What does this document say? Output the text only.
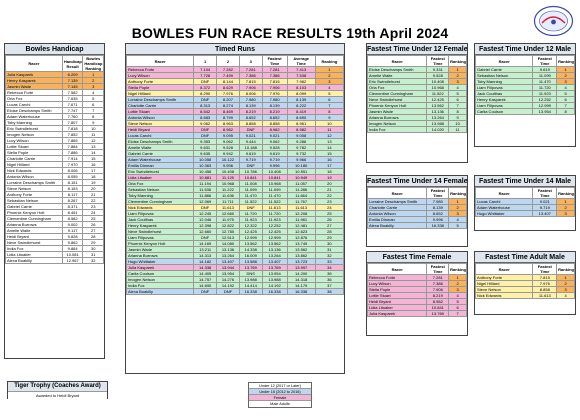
BOWLES FUN RACE RESULTS 19th April 2024
Bowles Handicap
Racer	Handicap Result	Bowles Handicap Ranking
Julia Kasparek	6.209	1
Henry Kasparek	7.139	2
Jasmin Wade	7.145	3
Rebecca Forte	7.582	4
Orla Fox	7.635	5
Lucas Carchi	7.671	6
Eloise Deschamps Smith	7.747	7
Adam Waterhouse	7.760	8
Toby Manning	7.807	9
Eric Swindlehurst	7.818	10
Imogen Nelson	7.852	11
Lucy Wilson	7.865	12
Lottie Stuart	7.884	13
Stella Pople	7.886	14
Charlotte Carrie	7.914	15
Nigel Hilliard	7.970	16
Nick Edwards	8.006	17
Antonia Wilson	8.055	18
Lorraine Deschamps Smith	8.151	19
Steve Nelson	8.153	20
Anthony Forte	8.117	21
Sebastian Nelson	8.267	22
Gabriel Carrie	8.371	23
Phoenix Kenyon Holt	8.451	24
Clementine Cunningham	8.582	25
Arlanna Burrows	9.002	26
Amelie Waite	9.117	27
Heidi Bryant	9.828	28
Neve Swindlehurst	9.862	29
India Fox	9.864	30
Lidia Lituaker	10.081	31
Alexa Boakilly	12.967	32
Timed Runs
Racer	1	2	3	Fastest Time	Average Time	Ranking
Rebecca Forte	7.104	7.282	7.281	7.281	7.413	1
Lucy Wilson	7.728	7.499	7.386	7.386	7.538	2
Anthony Forte	DNF	8.144	7.815	7.815	7.982	3
Stella Pople	8.372	8.629	7.906	7.906	8.103	4
Nigel Hilliard	8.290	7.976	8.006	7.976	8.099	5
Lorraine Deschamps Smith	DNF	8.207	7.980	7.980	8.139	6
Charlotte Carrie	8.313	8.274	8.139	8.139	8.222	7
Lottie Stuart	8.542	8.469	8.219	8.219	8.419	8
Antonia Wilson	8.683	8.799	8.652	8.652	8.690	9
Steve Nelson	9.062	8.963	8.858	8.858	8.961	10
Heidi Bryant	DNF	8.982	DNF	8.982	8.982	11
Lucas Carchi	DNF	9.095	9.021	9.021	9.058	12
Eloise Deschamps Smith	9.353	9.062	9.444	9.062	9.286	13
Amelie Waite	9.631	9.528	10.188	9.528	9.782	14
Gabriel Carrie	9.635	9.942	9.619	9.619	9.732	15
Adam Waterhouse	10.058	10.122	9.719	9.719	9.966	16
Emilia Dinman	10.363	9.996	DNF	9.996	10.180	17
Eric Swindlehurst	10.458	10.408	10.786	10.408	10.551	18
Lidia Lituaker	10.881	11.125	10.841	10.841	10.949	19
Orla Fox	11.194	10.968	11.008	10.968	11.057	20
Sebastian Nelson	11.536	11.222	11.099	11.099	11.286	21
Toby Manning	11.886	11.636	11.470	11.470	11.664	22
Clementine Cunningham	12.069	11.711	11.522	11.522	11.767	23
Nick Edwards	DNF	11.613	DNF	11.613	11.613	24
Liam Filipovas	12.245	12.660	11.720	11.720	12.208	25
Jack Coulthas	12.046	11.975	11.923	11.923	11.981	26
Henry Kasparek	12.398	12.822	12.322	12.252	12.481	27
Neve Swindlehurst	12.660	12.785	12.425	12.425	12.623	28
Liam Filipovas	DNF	12.513	12.999	12.999	12.876	29
Phoenix Kenyon Holt	14.169	14.080	13.562	13.562	13.749	30
Jasmin Wade	13.211	13.136	14.338	13.136	13.562	31
Arlanna Burrows	14.313	13.264	16.009	13.264	13.862	32
Hugo Whittaker	14.182	13.407	13.588	13.407	13.723	33
Julia Kasparek	14.338	13.944	13.769	13.769	13.997	34
Carlia Coulson	14.405	13.954	DNS	13.954	14.200	35
Imogen Nelson	14.757	14.276	13.988	13.988	14.318	36
India Fox	14.690	14.192	14.414	14.192	14.179	37
Alexa Boakilly	DNF	DNF	16.338	16.338	16.338	38
Fastest Time Under 12 Female
Racer	Fastest Time	Ranking
Eloise Deschamps Smith	9.331	1
Amelie Waite	9.528	2
Eric Swindlehurst	10.408	3
Orla Fox	10.968	4
Clementine Cunningham	11.522	5
Neve Swindlehurst	12.425	6
Phoenix Kenyon Holt	13.562	7
Jasmin Wade	13.136	8
Arlanna Burrows	13.264	9
Imogen Nelson	13.988	10
India Fox	14.020	11
Fastest Time Under 12 Male
Racer	Fastest Time	Ranking
Gabriel Carrie	9.619	1
Sebastian Nelson	11.099	2
Toby Manning	11.470	3
Liam Filipovas	11.720	4
Jack Coulthas	11.923	5
Henry Kasparek	12.252	6
Liam Filipovas	12.999	7
Carlia Coulson	13.954	8
Fastest Time Under 14 Female
Racer	Fastest Time	Ranking
Lorraine Deschamps Smith	7.980	1
Charlotte Carrie	8.139	2
Antonia Wilson	8.652	3
Emilia Dinman	9.996	4
Alexa Boakilly	16.338	5
Fastest Time Under 14 Male
Racer	Fastest Time	Ranking
Lucas Carchi	9.021	1
Adam Waterhouse	9.719	2
Hugo Whittaker	13.407	3
Fastest Time Female
Racer	Fastest Time	Ranking
Rebecca Forte	7.281	1
Lucy Wilson	7.386	2
Stella Pople	7.906	3
Lottie Stuart	8.219	4
Heidi Bryant	8.982	5
Lidia Lituaker	10.841	6
Julia Kasparek	13.769	7
Fastest Time Adult Male
Racer	Fastest Time	Ranking
Anthony Forte	7.815	1
Nigel Hilliard	7.976	2
Steve Nelson	8.858	3
Nick Edwards	11.613	4
Tiger Trophy (Coaches Award)
Awarded to Heidi Bryant
Under 12 (2017 or Later)
Under 15 (2012 to 2016)
Female
Male Adults
